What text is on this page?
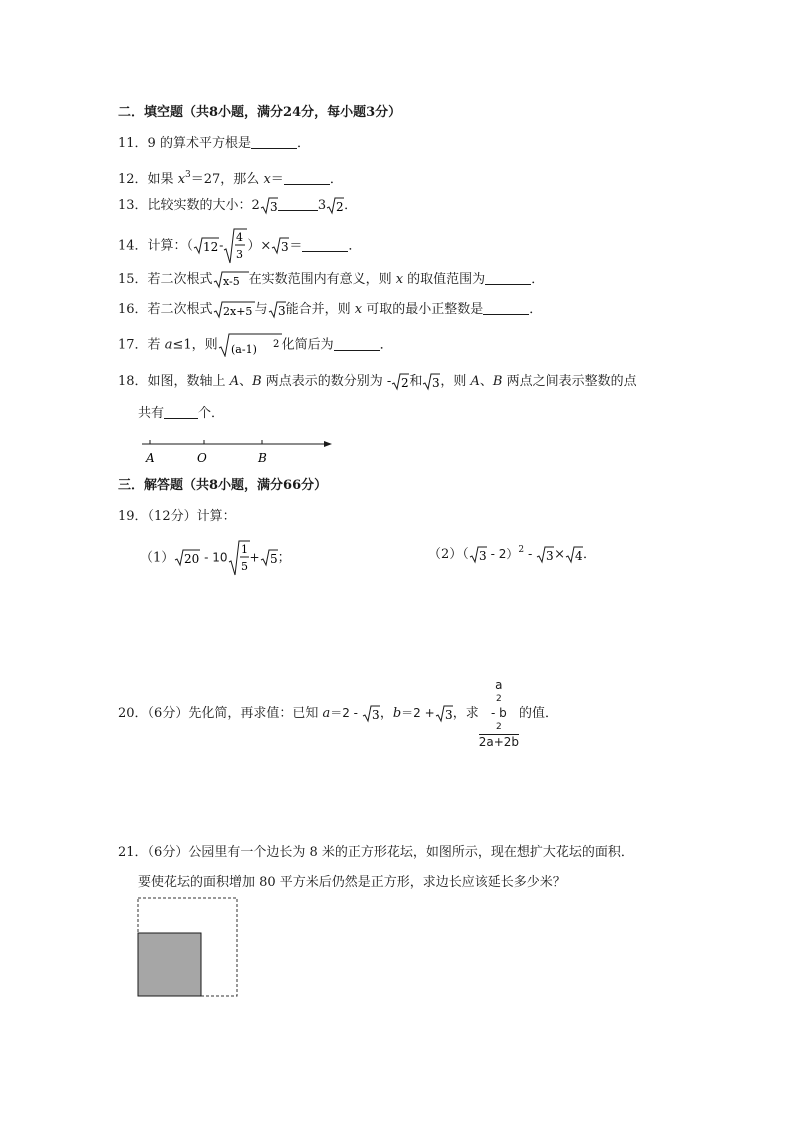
二．填空题（共8小题，满分24分，每小题3分）
11．9 的算术平方根是	．
12．如果 $x^3=27$，那么 x＝	．
13．比较实数的大小：2 3	3 2 ．
14．计算：（ 12 -
4
3
）× 3 ＝	．
15．若二次根式 x-5 在实数范围内有意义，则 x 的取值范围为	．
16．若二次根式 2x+5 与 3 能合并，则 x 可取的最小正整数是	．
17．若 a≤1，则 (a-1) 2 化简后为	．
18．如图，数轴上 A、B 两点表示的数分别为 - 2 和 3 ，则 A、B 两点之间表示整数的点
共有	个．
A	O	B
三．解答题（共8小题，满分66分）
19．（12分）计算：
（1） 20 - 10
1
5
+ 5 ；	（2）（ 3 - 2）$^2$ - 3 × 4 ．
20．（6分）先化简，再求值：已知 a＝2 - 3 ，b＝2 + 3 ，求 a
2
- b
2
2a+2b 的值．
21．（6分）公园里有一个边长为 8 米的正方形花坛，如图所示，现在想扩大花坛的面积．
要使花坛的面积增加 80 平方米后仍然是正方形，求边长应该延长多少米？
